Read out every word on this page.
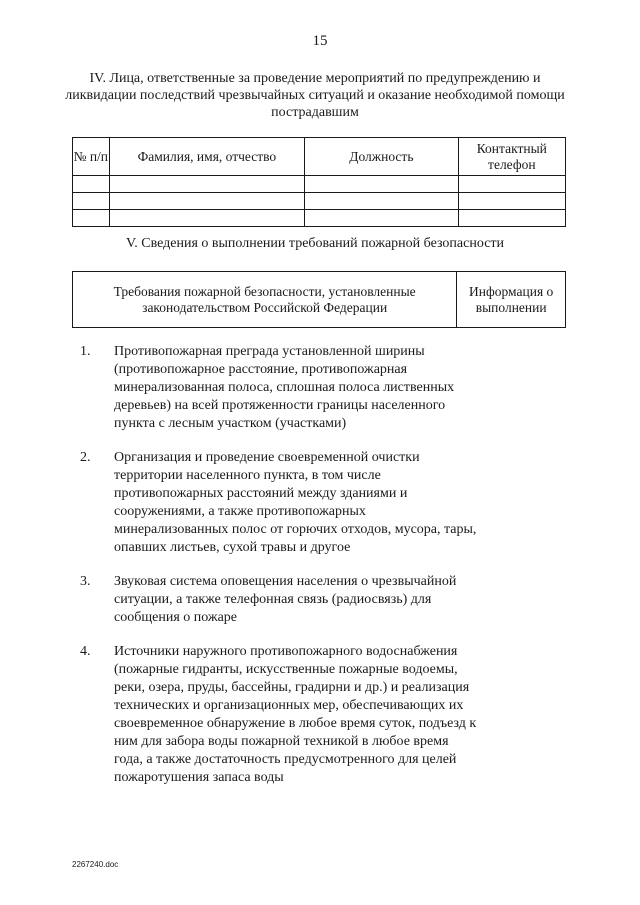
15
IV. Лица, ответственные за проведение мероприятий по предупреждению и ликвидации последствий чрезвычайных ситуаций и оказание необходимой помощи пострадавшим
№ п/п	Фамилия, имя, отчество	Должность	Контактный телефон

V. Сведения о выполнении требований пожарной безопасности
Требования пожарной безопасности, установленные законодательством Российской Федерации	Информация о выполнении
1.	Противопожарная преграда установленной ширины (противопожарное расстояние, противопожарная минерализованная полоса, сплошная полоса лиственных деревьев) на всей протяженности границы населенного пункта с лесным участком (участками)
2.	Организация и проведение своевременной очистки территории населенного пункта, в том числе противопожарных расстояний между зданиями и сооружениями, а также противопожарных минерализованных полос от горючих отходов, мусора, тары, опавших листьев, сухой травы и другое
3.	Звуковая система оповещения населения о чрезвычайной ситуации, а также телефонная связь (радиосвязь) для сообщения о пожаре
4.	Источники наружного противопожарного водоснабжения (пожарные гидранты, искусственные пожарные водоемы, реки, озера, пруды, бассейны, градирни и др.) и реализация технических и организационных мер, обеспечивающих их своевременное обнаружение в любое время суток, подъезд к ним для забора воды пожарной техникой в любое время года, а также достаточность предусмотренного для целей пожаротушения запаса воды
2267240.doc
